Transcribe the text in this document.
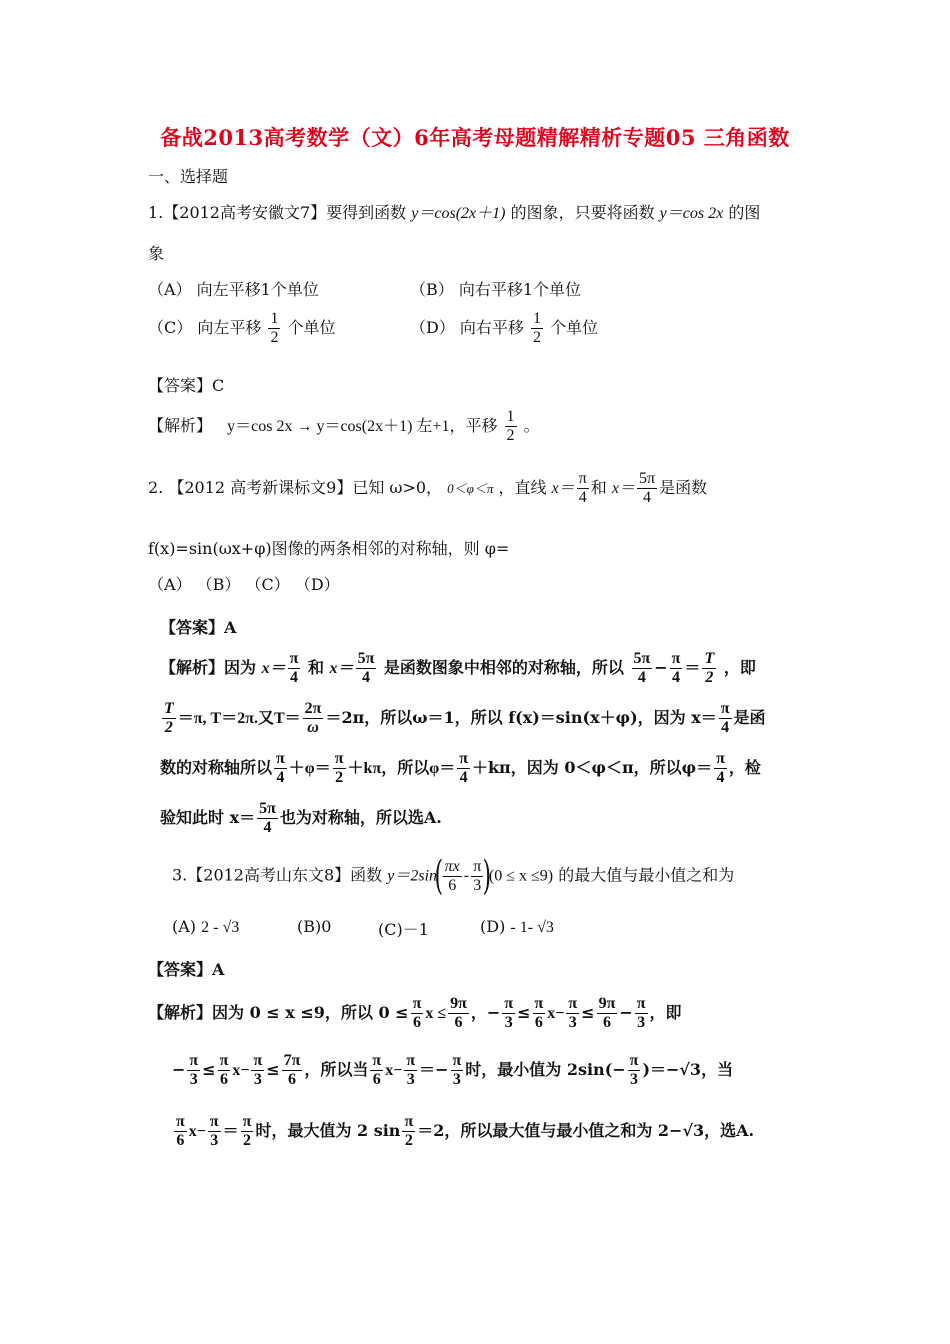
备战2013高考数学（文）6年高考母题精解精析专题05 三角函数
一、选择题
1.【2012高考安徽文7】要得到函数 y＝cos(2x＋1) 的图象，只要将函数 y＝cos 2x 的图
象
（A） 向左平移1个单位	（B） 向右平移1个单位
（C） 向左平移 $\frac{1}{2}$ 个单位	（D） 向右平移 $\frac{1}{2}$ 个单位
【答案】C
【解析】 y＝cos 2x → y＝cos(2x＋1) 左+1，平移 $\frac{1}{2}$ 。
2. 【2012 高考新课标文9】已知 ω>0， 0＜φ＜π ，直线 $x= \frac{\pi}{4}$ 和 $x= \frac{5\pi}{4}$ 是函数
f(x)=sin(ωx+φ)图像的两条相邻的对称轴，则 φ=
（A） （B） （C） （D）
【答案】A
【解析】因为 $x= \frac{\pi}{4}$ 和 $x= \frac{5\pi}{4}$ 是函数图象中相邻的对称轴，所以 $\frac{5\pi}{4} - \frac{\pi}{4} = \frac{T}{2}$ ，即
$\frac{T}{2} =\pi$, T＝2π.又$T= \frac{2\pi}{\omega} =2\pi$，所以ω＝1，所以 f(x)＝sin(x＋φ)，因为 $x= \frac{\pi}{4}$ 是函
数的对称轴所以 $\frac{\pi}{4} +\varphi= \frac{\pi}{2} +k\pi$，所以$\varphi= \frac{\pi}{4} +k\pi$，因为 0＜φ＜π，所以$\varphi= \frac{\pi}{4}$ ，检
验知此时 $x= \frac{5\pi}{4}$ 也为对称轴，所以选A.
3.【2012高考山东文8】函数 $y=2\sin( \frac{\pi x}{6} - \frac{\pi}{3} )(0 \le x \le 9)$ 的最大值与最小值之和为
(A) 2 - √3	(B)0	(C)－1	(D) - 1- √3
【答案】A
【解析】因为 0 ≤ x ≤9，所以 $0 \le \frac{\pi}{6}$ $x \le \frac{9\pi}{6}$ ，− $\frac{\pi}{3} \le \frac{\pi}{6} x- \frac{\pi}{3} \le \frac{9\pi}{6} - \frac{\pi}{3}$ ，即
− $\frac{\pi}{3} \le \frac{\pi}{6} x- \frac{\pi}{3} \le \frac{7\pi}{6}$ ，所以当 $\frac{\pi}{6} x- \frac{\pi}{3} =- \frac{\pi}{3}$ 时，最小值为 $2\sin(- \frac{\pi}{3} )=-√3$，当
$\frac{\pi}{6} x- \frac{\pi}{3} = \frac{\pi}{2}$ 时，最大值为 2 $\sin \frac{\pi}{2} =2$，所以最大值与最小值之和为 2−√3，选A.
